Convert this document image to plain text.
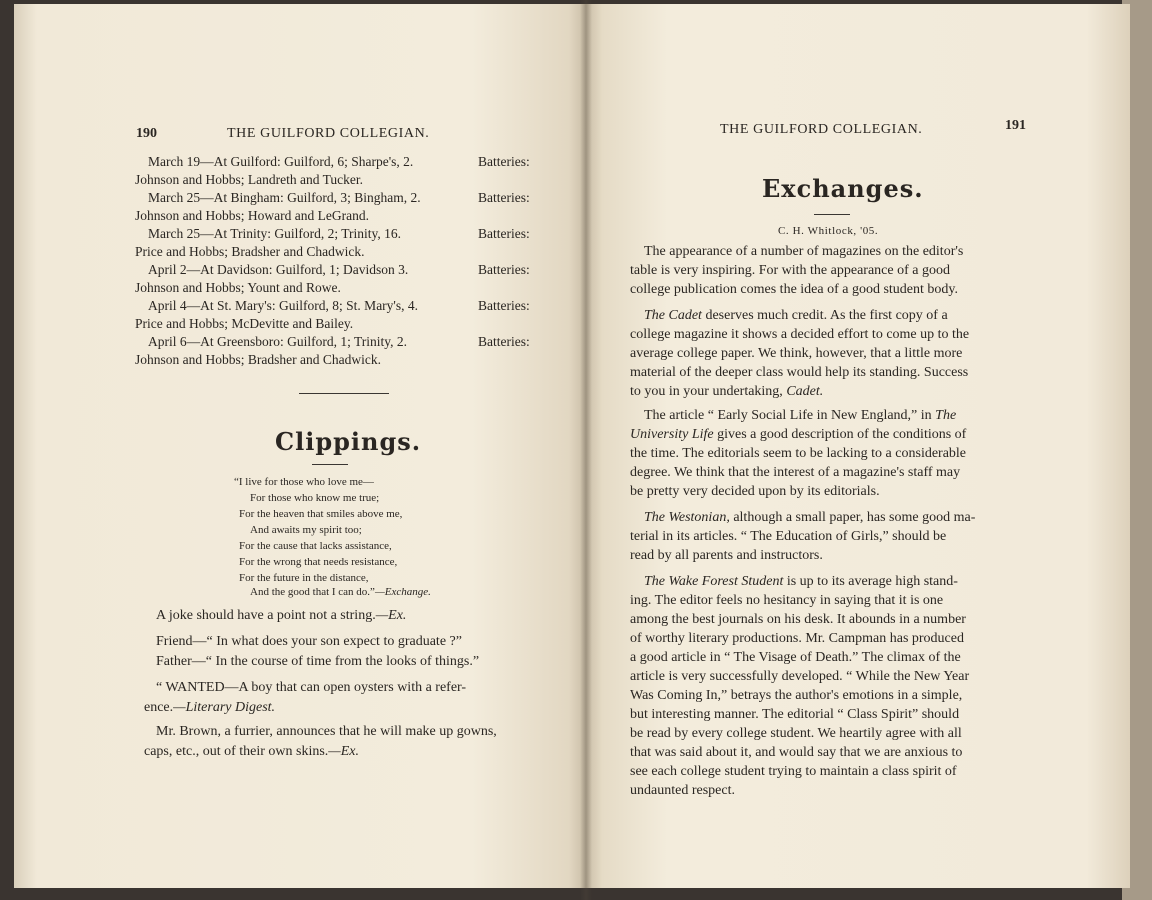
190	THE GUILFORD COLLEGIAN.
March 19—At Guilford: Guilford, 6; Sharpe's, 2.	Batteries:
Johnson and Hobbs; Landreth and Tucker.
March 25—At Bingham: Guilford, 3; Bingham, 2.	Batteries:
Johnson and Hobbs; Howard and LeGrand.
March 25—At Trinity: Guilford, 2; Trinity, 16.	Batteries:
Price and Hobbs; Bradsher and Chadwick.
April 2—At Davidson: Guilford, 1; Davidson 3.	Batteries:
Johnson and Hobbs; Yount and Rowe.
April 4—At St. Mary's: Guilford, 8; St. Mary's, 4.	Batteries:
Price and Hobbs; McDevitte and Bailey.
April 6—At Greensboro: Guilford, 1; Trinity, 2.	Batteries:
Johnson and Hobbs; Bradsher and Chadwick.
Clippings.
“I live for those who love me—
For those who know me true;
For the heaven that smiles above me,
And awaits my spirit too;
For the cause that lacks assistance,
For the wrong that needs resistance,
For the future in the distance,
And the good that I can do.”—Exchange.
A joke should have a point not a string.—Ex.
Friend—“ In what does your son expect to graduate ?”
Father—“ In the course of time from the looks of things.”
“ WANTED—A boy that can open oysters with a refer-
ence.—Literary Digest.
Mr. Brown, a furrier, announces that he will make up gowns,
caps, etc., out of their own skins.—Ex.
THE GUILFORD COLLEGIAN.	191
Exchanges.
C. H. Whitlock, '05.
The appearance of a number of magazines on the editor's
table is very inspiring. For with the appearance of a good
college publication comes the idea of a good student body.
The Cadet deserves much credit. As the first copy of a
college magazine it shows a decided effort to come up to the
average college paper. We think, however, that a little more
material of the deeper class would help its standing. Success
to you in your undertaking, Cadet.
The article “ Early Social Life in New England,” in The
University Life gives a good description of the conditions of
the time. The editorials seem to be lacking to a considerable
degree. We think that the interest of a magazine's staff may
be pretty very decided upon by its editorials.
The Westonian, although a small paper, has some good ma-
terial in its articles. “ The Education of Girls,” should be
read by all parents and instructors.
The Wake Forest Student is up to its average high stand-
ing. The editor feels no hesitancy in saying that it is one
among the best journals on his desk. It abounds in a number
of worthy literary productions. Mr. Campman has produced
a good article in “ The Visage of Death.” The climax of the
article is very successfully developed. “ While the New Year
Was Coming In,” betrays the author's emotions in a simple,
but interesting manner. The editorial “ Class Spirit” should
be read by every college student. We heartily agree with all
that was said about it, and would say that we are anxious to
see each college student trying to maintain a class spirit of
undaunted respect.
